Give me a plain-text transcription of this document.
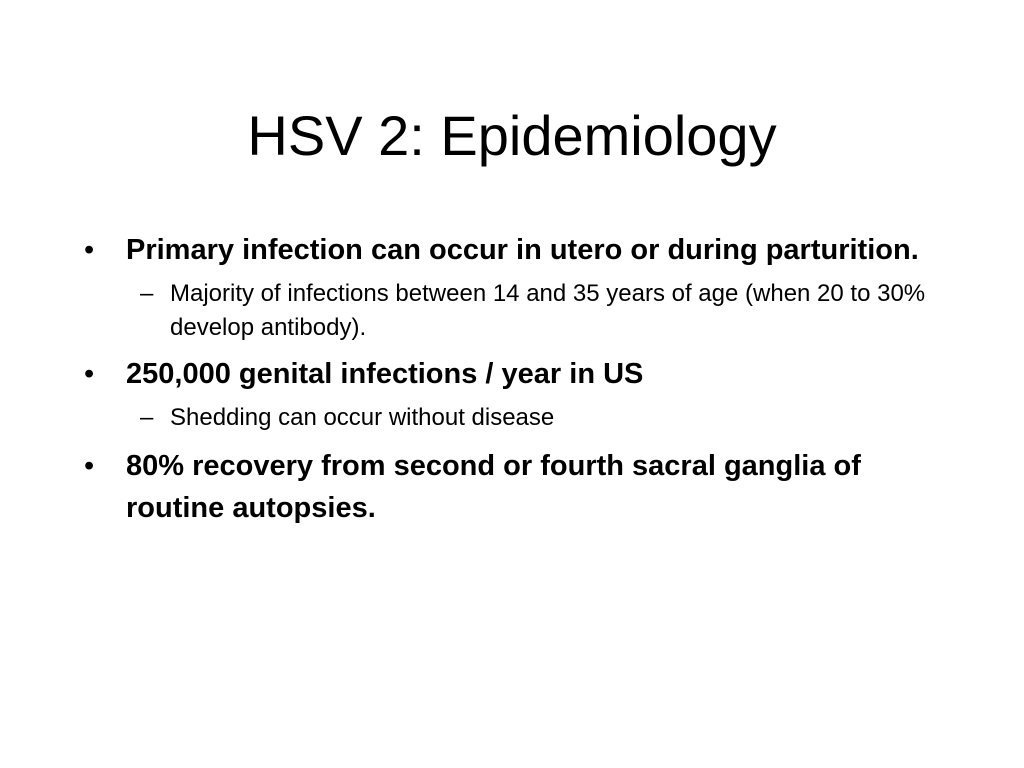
HSV 2: Epidemiology
• Primary infection can occur in utero or during parturition.
– Majority of infections between 14 and 35 years of age (when 20 to 30% develop antibody).
• 250,000 genital infections / year in US
– Shedding can occur without disease
• 80% recovery from second or fourth sacral ganglia of routine autopsies.
